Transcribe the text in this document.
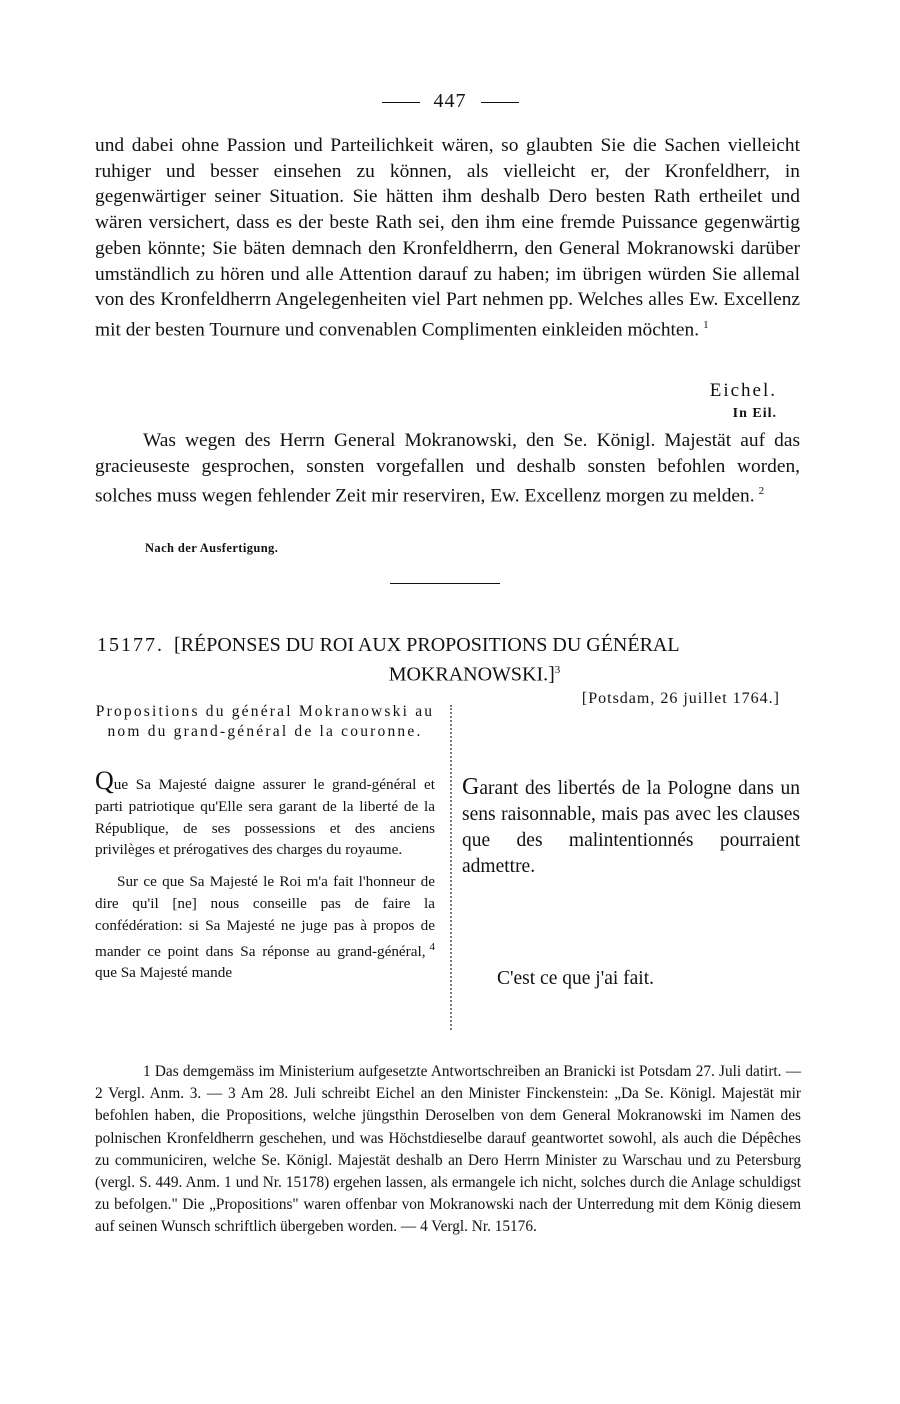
447
und dabei ohne Passion und Parteilichkeit wären, so glaubten Sie die Sachen vielleicht ruhiger und besser einsehen zu können, als vielleicht er, der Kronfeldherr, in gegenwärtiger seiner Situation. Sie hätten ihm deshalb Dero besten Rath ertheilet und wären versichert, dass es der beste Rath sei, den ihm eine fremde Puissance gegenwärtig geben könnte; Sie bäten demnach den Kronfeldherrn, den General Mokranowski darüber umständlich zu hören und alle Attention darauf zu haben; im übrigen würden Sie allemal von des Kronfeldherrn Angelegenheiten viel Part nehmen pp. Welches alles Ew. Excellenz mit der besten Tournure und convenablen Complimenten einkleiden möchten. $^1$
Eichel.
In Eil.
Was wegen des Herrn General Mokranowski, den Se. Königl. Majestät auf das gracieuseste gesprochen, sonsten vorgefallen und deshalb sonsten befohlen worden, solches muss wegen fehlender Zeit mir reserviren, Ew. Excellenz morgen zu melden. $^2$
Nach der Ausfertigung.
15177. [RÉPONSES DU ROI AUX PROPOSITIONS DU GÉNÉRAL
MOKRANOWSKI.]$^3$
Propositions du général Mokranowski au nom du grand-général de la couronne.

Que Sa Majesté daigne assurer le grand-général et parti patriotique qu'Elle sera garant de la liberté de la République, de ses possessions et des anciens privilèges et prérogatives des charges du royaume.

Sur ce que Sa Majesté le Roi m'a fait l'honneur de dire qu'il [ne] nous conseille pas de faire la confédération: si Sa Majesté ne juge pas à propos de mander ce point dans Sa réponse au grand-général, $^4$ que Sa Majesté mande

[Potsdam, 26 juillet 1764.]
Garant des libertés de la Pologne dans un sens raisonnable, mais pas avec les clauses que des malintentionnés pourraient admettre.
C'est ce que j'ai fait.

1 Das demgemäss im Ministerium aufgesetzte Antwortschreiben an Branicki ist Potsdam 27. Juli datirt. — 2 Vergl. Anm. 3. — 3 Am 28. Juli schreibt Eichel an den Minister Finckenstein: „Da Se. Königl. Majestät mir befohlen haben, die Propositions, welche jüngsthin Deroselben von dem General Mokranowski im Namen des polnischen Kronfeldherrn geschehen, und was Höchstdieselbe darauf geantwortet sowohl, als auch die Dépêches zu communiciren, welche Se. Königl. Majestät deshalb an Dero Herrn Minister zu Warschau und zu Petersburg (vergl. S. 449. Anm. 1 und Nr. 15178) ergehen lassen, als ermangele ich nicht, solches durch die Anlage schuldigst zu befolgen." Die „Propositions" waren offenbar von Mokranowski nach der Unterredung mit dem König diesem auf seinen Wunsch schriftlich übergeben worden. — 4 Vergl. Nr. 15176.
